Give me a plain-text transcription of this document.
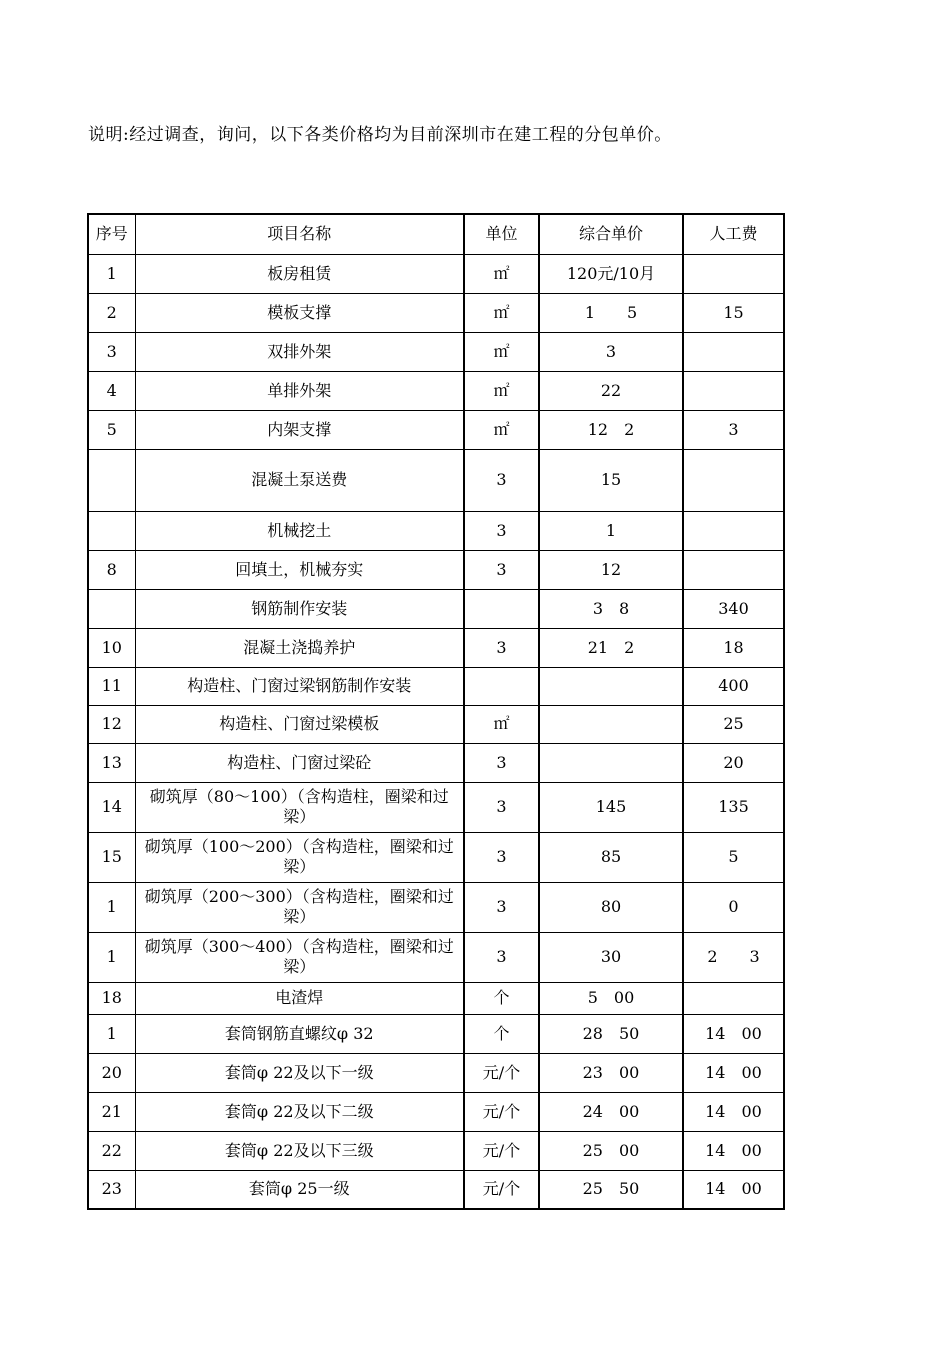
说明:经过调查，询问，以下各类价格均为目前深圳市在建工程的分包单价。
序号	项目名称	单位	综合单价	人工费
1	板房租赁	㎡	120元/10月	
2	模板支撑	㎡	1　　5	15
3	双排外架	㎡	3	
4	单排外架	㎡	22	
5	内架支撑	㎡	12　2	3
	混凝土泵送费	3	15	
	机械挖土	3	1	
8	回填土，机械夯实	3	12	
	钢筋制作安装		3　8	340
10	混凝土浇捣养护	3	21　2	18
11	构造柱、门窗过梁钢筋制作安装			400
12	构造柱、门窗过梁模板	㎡		25
13	构造柱、门窗过梁砼	3		20
14	砌筑厚（80～100）（含构造柱，圈梁和过梁）	3	145	135
15	砌筑厚（100～200）（含构造柱，圈梁和过梁）	3	85	5
1	砌筑厚（200～300）（含构造柱，圈梁和过梁）	3	80	0
1	砌筑厚（300～400）（含构造柱，圈梁和过梁）	3	30	2　　3
18	电渣焊	个	5　00	
1	套筒钢筋直螺纹φ 32	个	28　50	14　00
20	套筒φ 22及以下一级	元/个	23　00	14　00
21	套筒φ 22及以下二级	元/个	24　00	14　00
22	套筒φ 22及以下三级	元/个	25　00	14　00
23	套筒φ 25一级	元/个	25　50	14　00
